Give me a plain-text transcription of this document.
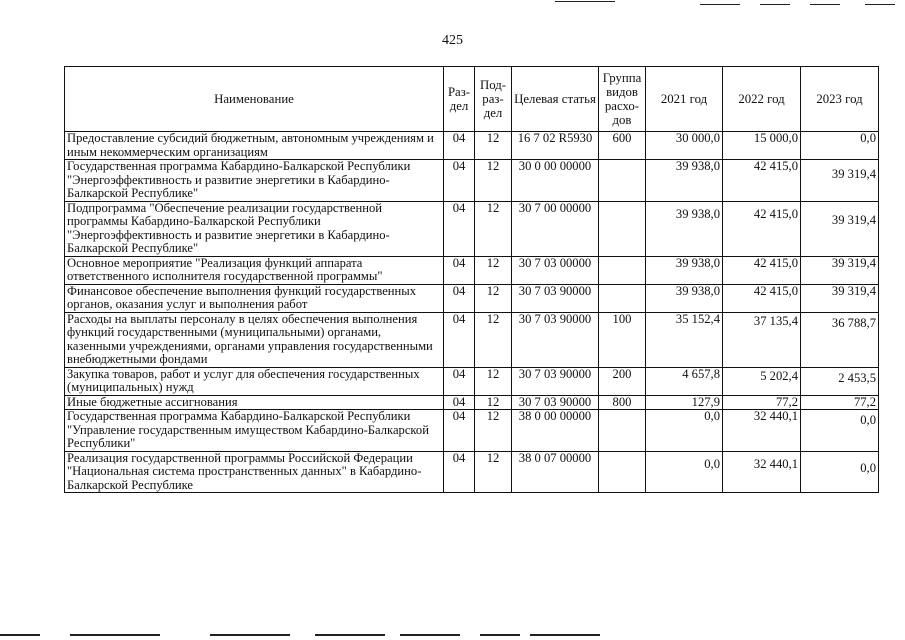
425
Наименование	Раз-дел	Под-раз-дел	Целевая статья	Группа видов расхо-дов	2021 год	2022 год	2023 год
Предоставление субсидий бюджетным, автономным учреждениям и иным некоммерческим организациям	04	12	16 7 02 R5930	600	30 000,0	15 000,0	0,0
Государственная программа Кабардино-Балкарской Республики "Энергоэффективность и развитие энергетики в Кабардино-Балкарской Республике"	04	12	30 0 00 00000		39 938,0	42 415,0	39 319,4
Подпрограмма "Обеспечение реализации государственной программы Кабардино-Балкарской Республики "Энергоэффективность и развитие энергетики в Кабардино-Балкарской Республике"	04	12	30 7 00 00000		39 938,0	42 415,0	39 319,4
Основное мероприятие "Реализация функций аппарата ответственного исполнителя государственной программы"	04	12	30 7 03 00000		39 938,0	42 415,0	39 319,4
Финансовое обеспечение выполнения функций государственных органов, оказания услуг и выполнения работ	04	12	30 7 03 90000		39 938,0	42 415,0	39 319,4
Расходы на выплаты персоналу в целях обеспечения выполнения функций государственными (муниципальными) органами, казенными учреждениями, органами управления государственными внебюджетными фондами	04	12	30 7 03 90000	100	35 152,4	37 135,4	36 788,7
Закупка товаров, работ и услуг для обеспечения государственных (муниципальных) нужд	04	12	30 7 03 90000	200	4 657,8	5 202,4	2 453,5
Иные бюджетные ассигнования	04	12	30 7 03 90000	800	127,9	77,2	77,2
Государственная программа Кабардино-Балкарской Республики "Управление государственным имуществом Кабардино-Балкарской Республики"	04	12	38 0 00 00000		0,0	32 440,1	0,0
Реализация государственной программы Российской Федерации "Национальная система пространственных данных" в Кабардино-Балкарской Республике	04	12	38 0 07 00000		0,0	32 440,1	0,0
